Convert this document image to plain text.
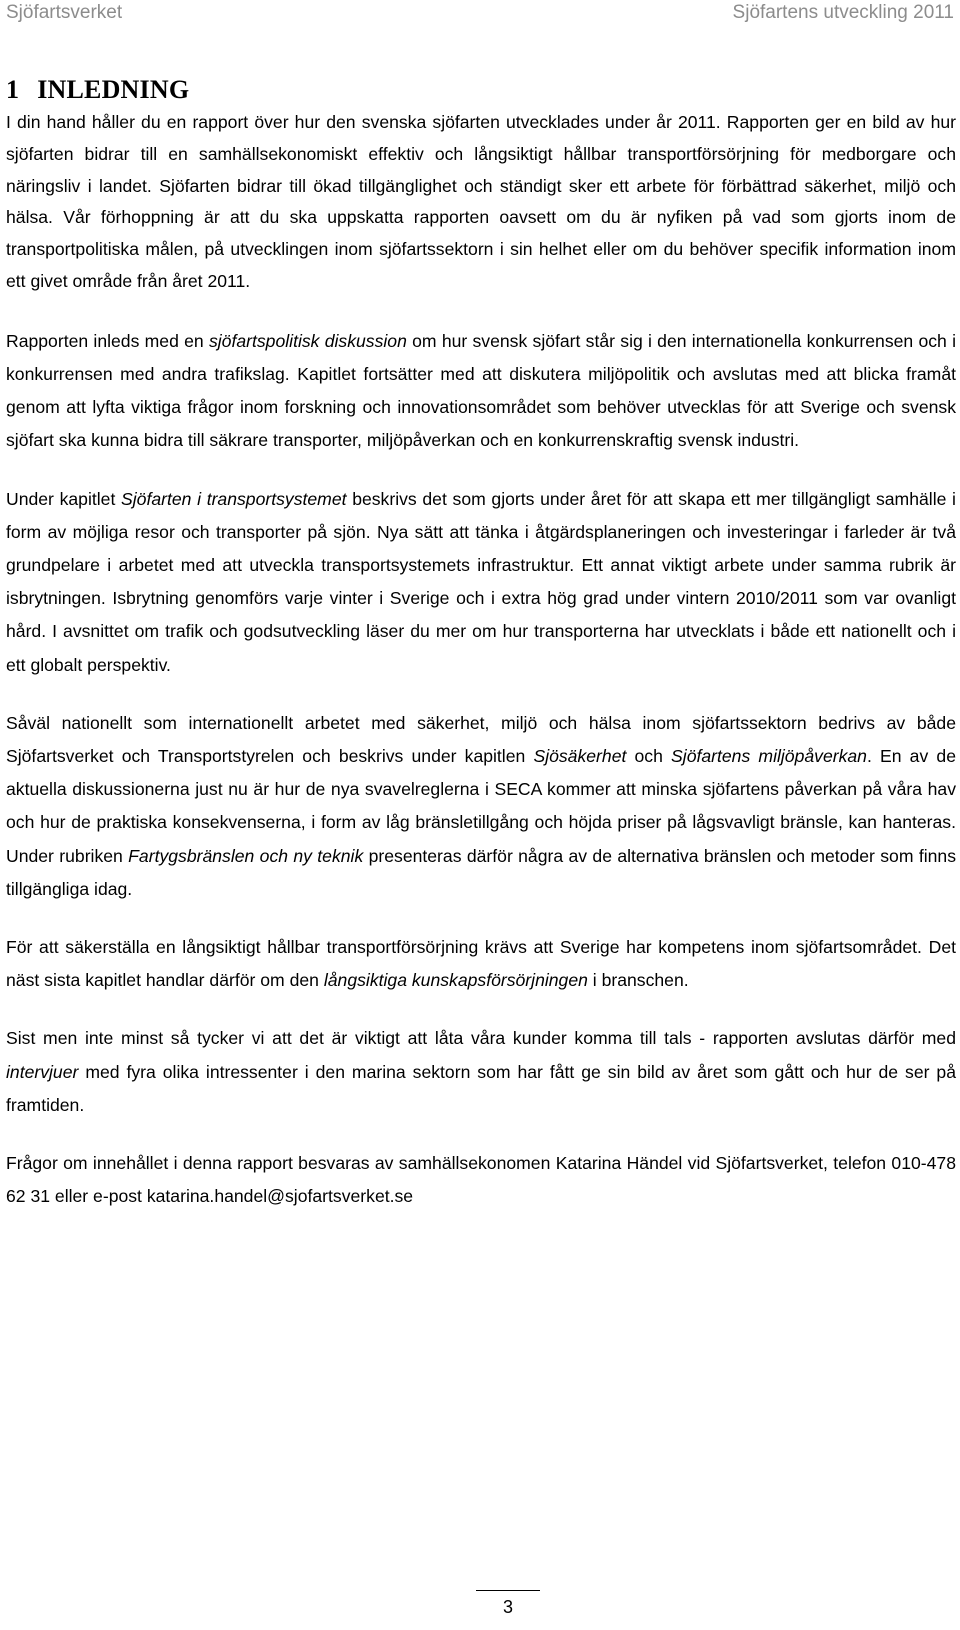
Sjöfartsverket	Sjöfartens utveckling 2011
1 INLEDNING

I din hand håller du en rapport över hur den svenska sjöfarten utvecklades under år 2011. Rapporten ger en bild av hur sjöfarten bidrar till en samhällsekonomiskt effektiv och långsiktigt hållbar transportförsörjning för medborgare och näringsliv i landet. Sjöfarten bidrar till ökad tillgänglighet och ständigt sker ett arbete för förbättrad säkerhet, miljö och hälsa. Vår förhoppning är att du ska uppskatta rapporten oavsett om du är nyfiken på vad som gjorts inom de transportpolitiska målen, på utvecklingen inom sjöfartssektorn i sin helhet eller om du behöver specifik information inom ett givet område från året 2011.

Rapporten inleds med en sjöfartspolitisk diskussion om hur svensk sjöfart står sig i den internationella konkurrensen och i konkurrensen med andra trafikslag. Kapitlet fortsätter med att diskutera miljöpolitik och avslutas med att blicka framåt genom att lyfta viktiga frågor inom forskning och innovationsområdet som behöver utvecklas för att Sverige och svensk sjöfart ska kunna bidra till säkrare transporter, miljöpåverkan och en konkurrenskraftig svensk industri.

Under kapitlet Sjöfarten i transportsystemet beskrivs det som gjorts under året för att skapa ett mer tillgängligt samhälle i form av möjliga resor och transporter på sjön. Nya sätt att tänka i åtgärdsplaneringen och investeringar i farleder är två grundpelare i arbetet med att utveckla transportsystemets infrastruktur. Ett annat viktigt arbete under samma rubrik är isbrytningen. Isbrytning genomförs varje vinter i Sverige och i extra hög grad under vintern 2010/2011 som var ovanligt hård. I avsnittet om trafik och godsutveckling läser du mer om hur transporterna har utvecklats i både ett nationellt och i ett globalt perspektiv.

Såväl nationellt som internationellt arbetet med säkerhet, miljö och hälsa inom sjöfartssektorn bedrivs av både Sjöfartsverket och Transportstyrelen och beskrivs under kapitlen Sjösäkerhet och Sjöfartens miljöpåverkan. En av de aktuella diskussionerna just nu är hur de nya svavelreglerna i SECA kommer att minska sjöfartens påverkan på våra hav och hur de praktiska konsekvenserna, i form av låg bränsletillgång och höjda priser på lågsvavligt bränsle, kan hanteras. Under rubriken Fartygsbränslen och ny teknik presenteras därför några av de alternativa bränslen och metoder som finns tillgängliga idag.

För att säkerställa en långsiktigt hållbar transportförsörjning krävs att Sverige har kompetens inom sjöfartsområdet. Det näst sista kapitlet handlar därför om den långsiktiga kunskapsförsörjningen i branschen.

Sist men inte minst så tycker vi att det är viktigt att låta våra kunder komma till tals - rapporten avslutas därför med intervjuer med fyra olika intressenter i den marina sektorn som har fått ge sin bild av året som gått och hur de ser på framtiden.

Frågor om innehållet i denna rapport besvaras av samhällsekonomen Katarina Händel vid Sjöfartsverket, telefon 010-478 62 31 eller e-post katarina.handel@sjofartsverket.se

3
